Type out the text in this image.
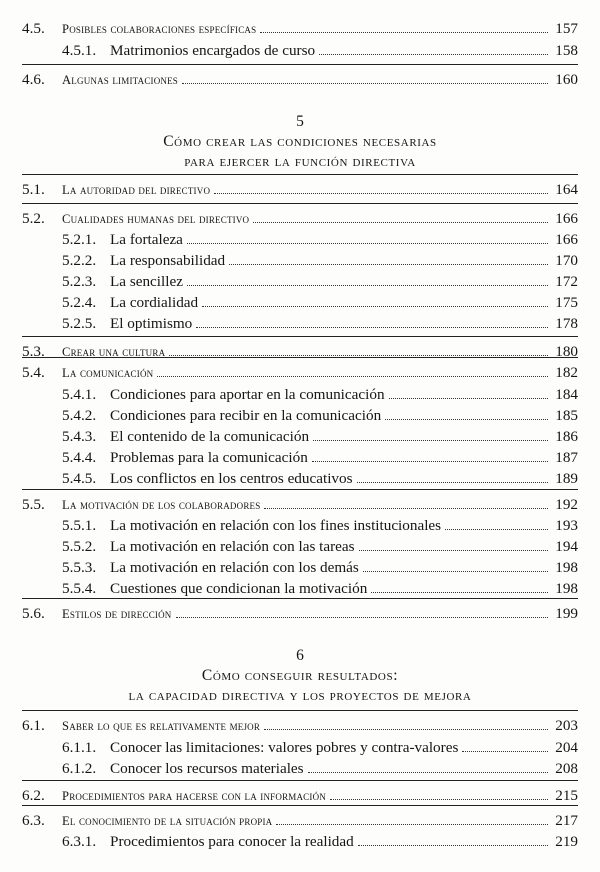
4.5.	Posibles colaboraciones específicas	157
4.5.1. Matrimonios encargados de curso	158
4.6.	Algunas limitaciones	160
5
Cómo crear las condiciones necesarias
para ejercer la función directiva
5.1.	La autoridad del directivo	164
5.2.	Cualidades humanas del directivo	166
5.2.1. La fortaleza	166
5.2.2. La responsabilidad	170
5.2.3. La sencillez	172
5.2.4. La cordialidad	175
5.2.5. El optimismo	178
5.3.	Crear una cultura	180
5.4.	La comunicación	182
5.4.1. Condiciones para aportar en la comunicación	184
5.4.2. Condiciones para recibir en la comunicación	185
5.4.3. El contenido de la comunicación	186
5.4.4. Problemas para la comunicación	187
5.4.5. Los conflictos en los centros educativos	189
5.5.	La motivación de los colaboradores	192
5.5.1. La motivación en relación con los fines institucionales	193
5.5.2. La motivación en relación con las tareas	194
5.5.3. La motivación en relación con los demás	198
5.5.4. Cuestiones que condicionan la motivación	198
5.6.	Estilos de dirección	199
6
Cómo conseguir resultados:
la capacidad directiva y los proyectos de mejora
6.1.	Saber lo que es relativamente mejor	203
6.1.1. Conocer las limitaciones: valores pobres y contra-valores	204
6.1.2. Conocer los recursos materiales	208
6.2.	Procedimientos para hacerse con la información	215
6.3.	El conocimiento de la situación propia	217
6.3.1. Procedimientos para conocer la realidad	219
